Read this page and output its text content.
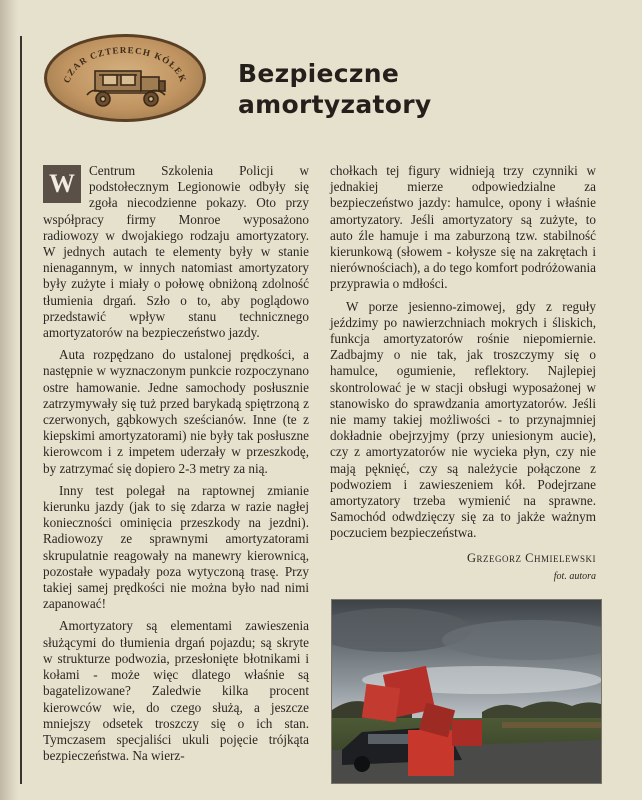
CZAR CZTERECH KÓŁEK Bezpieczne
amortyzatory

W	Centrum Szkolenia Policji w podstołecznym Legionowie odbyły się zgoła niecodzienne pokazy. Oto przy współpracy firmy Monroe wyposażono radiowozy w dwojakiego rodzaju amortyzatory. W jednych autach te elementy były w stanie nienagannym, w innych natomiast amortyzatory były zużyte i miały o połowę obniżoną zdolność tłumienia drgań. Szło o to, aby poglądowo przedstawić wpływ stanu technicznego amortyzatorów na bezpieczeństwo jazdy.

Auta rozpędzano do ustalonej prędkości, a następnie w wyznaczonym punkcie rozpoczynano ostre hamowanie. Jedne samochody posłusznie zatrzymywały się tuż przed barykadą spiętrzoną z czerwonych, gąbkowych sześcianów. Inne (te z kiepskimi amortyzatorami) nie były tak posłuszne kierowcom i z impetem uderzały w przeszkodę, by zatrzymać się dopiero 2-3 metry za nią.

Inny test polegał na raptownej zmianie kierunku jazdy (jak to się zdarza w razie nagłej konieczności ominięcia przeszkody na jezdni). Radiowozy ze sprawnymi amortyzatorami skrupulatnie reagowały na manewry kierownicą, pozostałe wypadały poza wytyczoną trasę. Przy takiej samej prędkości nie można było nad nimi zapanować!

Amortyzatory są elementami zawieszenia służącymi do tłumienia drgań pojazdu; są skryte w strukturze podwozia, przesłonięte błotnikami i kołami - może więc dlatego właśnie są bagatelizowane? Zaledwie kilka procent kierowców wie, do czego służą, a jeszcze mniejszy odsetek troszczy się o ich stan. Tymczasem specjaliści ukuli pojęcie trójkąta bezpieczeństwa. Na wierz-

chołkach tej figury widnieją trzy czynniki w jednakiej mierze odpowiedzialne za bezpieczeństwo jazdy: hamulce, opony i właśnie amortyzatory. Jeśli amortyzatory są zużyte, to auto źle hamuje i ma zaburzoną tzw. stabilność kierunkową (słowem - kołysze się na zakrętach i nierównościach), a do tego komfort podróżowania przyprawia o mdłości.

W porze jesienno-zimowej, gdy z reguły jeździmy po nawierzchniach mokrych i śliskich, funkcja amortyzatorów rośnie niepomiernie. Zadbajmy o nie tak, jak troszczymy się o hamulce, ogumienie, reflektory. Najlepiej skontrolować je w stacji obsługi wyposażonej w stanowisko do sprawdzania amortyzatorów. Jeśli nie mamy takiej możliwości - to przynajmniej dokładnie obejrzyjmy (przy uniesionym aucie), czy z amortyzatorów nie wycieka płyn, czy nie mają pęknięć, czy są należycie połączone z podwoziem i zawieszeniem kół. Podejrzane amortyzatory trzeba wymienić na sprawne. Samochód odwdzięczy się za to jakże ważnym poczuciem bezpieczeństwa.

Grzegorz Chmielewski
fot. autora
